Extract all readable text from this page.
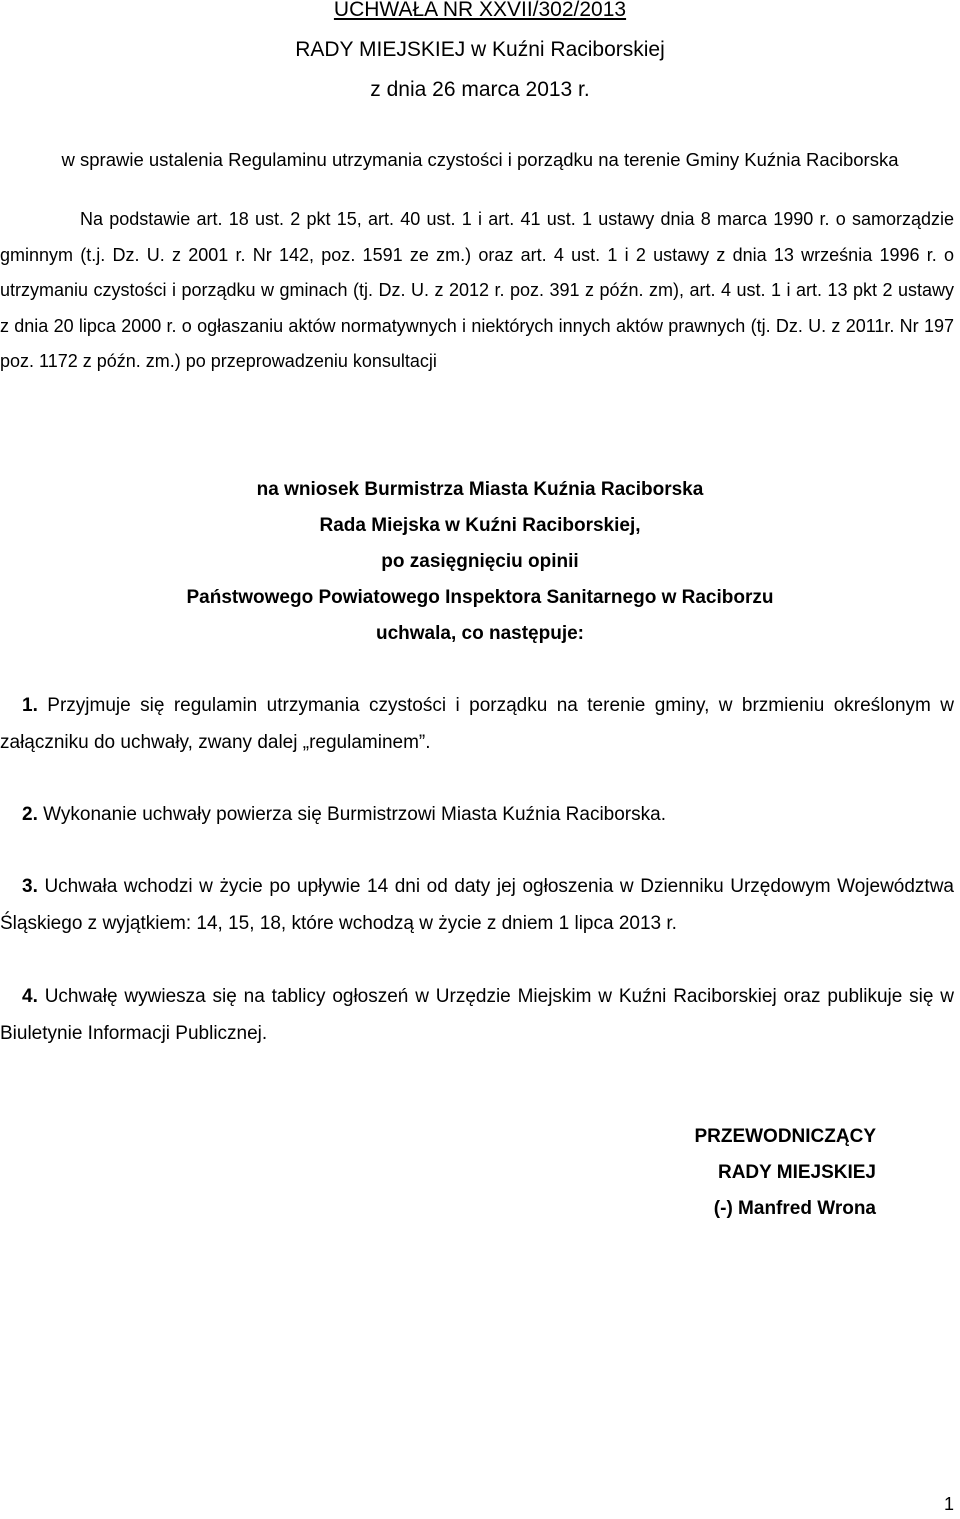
UCHWAŁA NR XXVII/302/2013
RADY MIEJSKIEJ w Kuźni Raciborskiej
z dnia 26 marca 2013 r.
w sprawie ustalenia Regulaminu utrzymania czystości i porządku na terenie Gminy Kuźnia Raciborska
Na podstawie art. 18 ust. 2 pkt 15, art. 40 ust. 1 i art. 41 ust. 1 ustawy dnia 8 marca 1990 r. o samorządzie gminnym (t.j. Dz. U. z 2001 r. Nr 142, poz. 1591 ze zm.) oraz art. 4 ust. 1 i 2 ustawy z dnia 13 września 1996 r. o utrzymaniu czystości i porządku w gminach (tj. Dz. U. z 2012 r. poz. 391 z późn. zm), art. 4 ust. 1 i art. 13 pkt 2 ustawy z dnia 20 lipca 2000 r. o ogłaszaniu aktów normatywnych i niektórych innych aktów prawnych (tj. Dz. U. z 2011r. Nr 197 poz. 1172 z późn. zm.) po przeprowadzeniu konsultacji
na wniosek Burmistrza Miasta Kuźnia Raciborska
Rada Miejska w Kuźni Raciborskiej,
po zasięgnięciu opinii
Państwowego Powiatowego Inspektora Sanitarnego w Raciborzu
uchwala, co następuje:
1. Przyjmuje się regulamin utrzymania czystości i porządku na terenie gminy, w brzmieniu określonym w załączniku do uchwały, zwany dalej „regulaminem”.
2. Wykonanie uchwały powierza się Burmistrzowi Miasta Kuźnia Raciborska.
3. Uchwała wchodzi w życie po upływie 14 dni od daty jej ogłoszenia w Dzienniku Urzędowym Województwa Śląskiego z wyjątkiem: 14, 15, 18, które wchodzą w życie z dniem 1 lipca 2013 r.
4. Uchwałę wywiesza się na tablicy ogłoszeń w Urzędzie Miejskim w Kuźni Raciborskiej oraz publikuje się w Biuletynie Informacji Publicznej.
PRZEWODNICZĄCY
RADY MIEJSKIEJ
(-) Manfred Wrona
1
